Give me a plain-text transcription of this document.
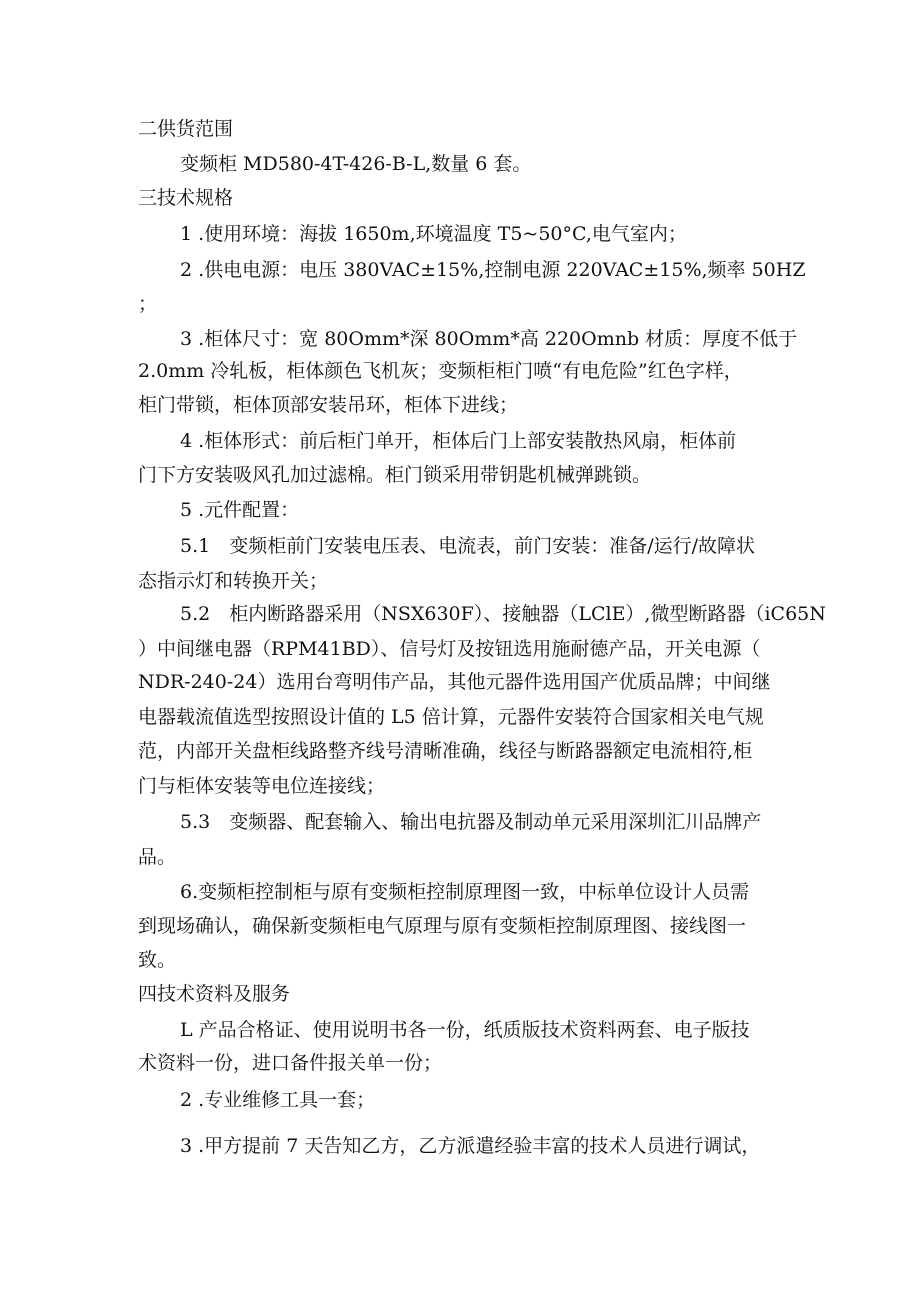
二供货范围
变频柜 MD580-4T-426-B-L,数量 6 套。
三技术规格
1 .使用环境：海拔 1650m,环境温度 T5~50°C,电气室内；
2 .供电电源：电压 380VAC±15%,控制电源 220VAC±15%,频率 50HZ
；
3 .柜体尺寸：宽 80Omm*深 80Omm*高 220Omnb 材质：厚度不低于
2.0mm 冷轧板，柜体颜色飞机灰；变频柜柜门喷“有电危险”红色字样，
柜门带锁，柜体顶部安装吊环，柜体下进线；
4 .柜体形式：前后柜门单开，柜体后门上部安装散热风扇，柜体前
门下方安装吸风孔加过滤棉。柜门锁采用带钥匙机械弹跳锁。
5 .元件配置：
5.1　变频柜前门安装电压表、电流表，前门安装：准备/运行/故障状
态指示灯和转换开关；
5.2　柜内断路器采用（NSX630F）、接触器（LClE）,微型断路器（iC65N
）中间继电器（RPM41BD）、信号灯及按钮选用施耐德产品，开关电源（
NDR-240-24）选用台弯明伟产品，其他元器件选用国产优质品牌；中间继
电器载流值选型按照设计值的 L5 倍计算，元器件安装符合国家相关电气规
范，内部开关盘柜线路整齐线号清晰准确，线径与断路器额定电流相符,柜
门与柜体安装等电位连接线；
5.3　变频器、配套输入、输出电抗器及制动单元采用深圳汇川品牌产
品。
6.变频柜控制柜与原有变频柜控制原理图一致，中标单位设计人员需
到现场确认，确保新变频柜电气原理与原有变频柜控制原理图、接线图一
致。
四技术资料及服务
L 产品合格证、使用说明书各一份，纸质版技术资料两套、电子版技
术资料一份，进口备件报关单一份；
2 .专业维修工具一套；
3 .甲方提前 7 天告知乙方，乙方派遣经验丰富的技术人员进行调试，
